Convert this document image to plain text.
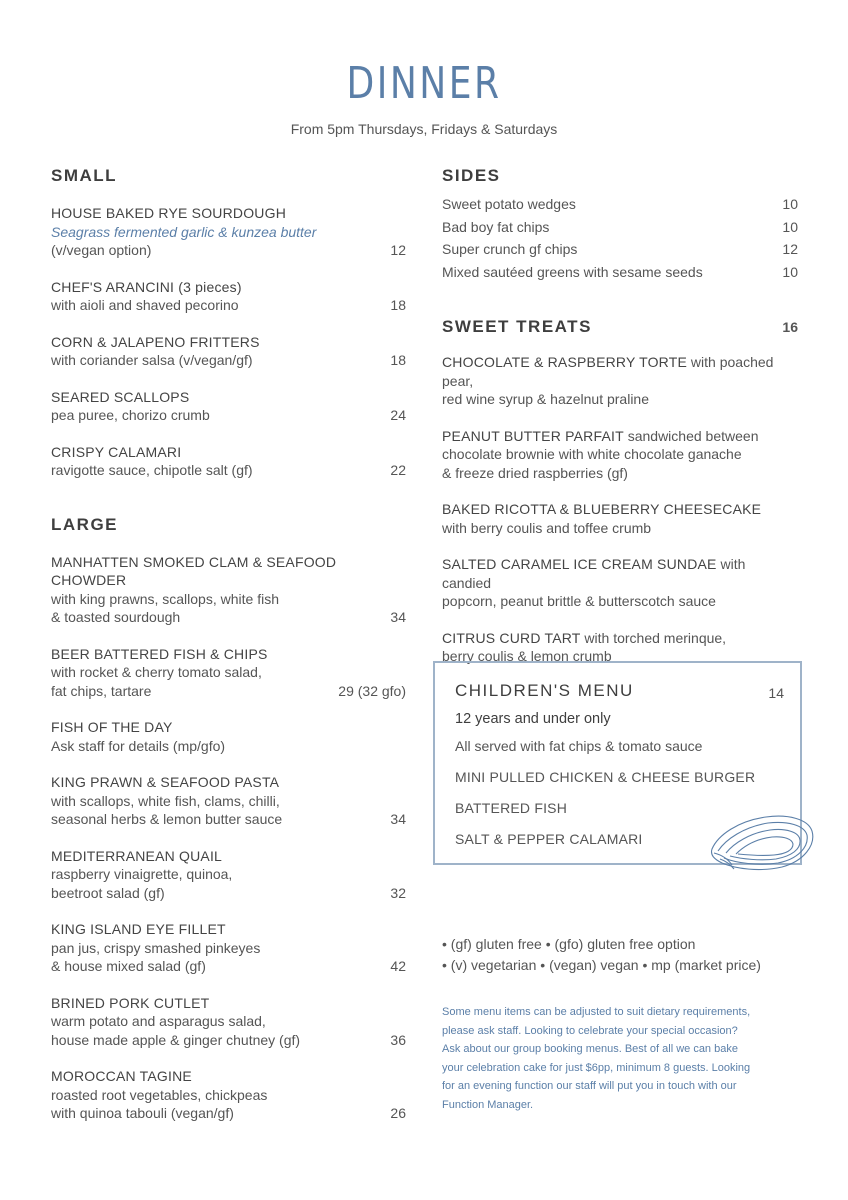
DINNER
From 5pm Thursdays, Fridays & Saturdays
SMALL
HOUSE BAKED RYE SOURDOUGH
Seagrass fermented garlic & kunzea butter
(v/vegan option)	12
CHEF'S ARANCINI (3 pieces)
with aioli and shaved pecorino	18
CORN & JALAPENO FRITTERS
with coriander salsa (v/vegan/gf)	18
SEARED SCALLOPS
pea puree, chorizo crumb	24
CRISPY CALAMARI
ravigotte sauce, chipotle salt (gf)	22
LARGE
MANHATTEN SMOKED CLAM & SEAFOOD CHOWDER
with king prawns, scallops, white fish
& toasted sourdough	34
BEER BATTERED FISH & CHIPS
with rocket & cherry tomato salad,
fat chips, tartare	29 (32 gfo)
FISH OF THE DAY
Ask staff for details (mp/gfo)
KING PRAWN & SEAFOOD PASTA
with scallops, white fish, clams, chilli,
seasonal herbs & lemon butter sauce	34
MEDITERRANEAN QUAIL
raspberry vinaigrette, quinoa,
beetroot salad (gf)	32
KING ISLAND EYE FILLET
pan jus, crispy smashed pinkeyes
& house mixed salad (gf)	42
BRINED PORK CUTLET
warm potato and asparagus salad,
house made apple & ginger chutney (gf)	36
MOROCCAN TAGINE
roasted root vegetables, chickpeas
with quinoa tabouli (vegan/gf)	26
SIDES
Sweet potato wedges	10
Bad boy fat chips	10
Super crunch gf chips	12
Mixed sautéed greens with sesame seeds	10
SWEET TREATS	16
CHOCOLATE & RASPBERRY TORTE with poached pear,
red wine syrup & hazelnut praline
PEANUT BUTTER PARFAIT sandwiched between
chocolate brownie with white chocolate ganache
& freeze dried raspberries (gf)
BAKED RICOTTA & BLUEBERRY CHEESECAKE
with berry coulis and toffee crumb
SALTED CARAMEL ICE CREAM SUNDAE with candied
popcorn, peanut brittle & butterscotch sauce
CITRUS CURD TART with torched merinque,
berry coulis & lemon crumb
CHILDREN'S MENU	14
12 years and under only
All served with fat chips & tomato sauce
MINI PULLED CHICKEN & CHEESE BURGER
BATTERED FISH
SALT & PEPPER CALAMARI
• (gf) gluten free • (gfo) gluten free option
• (v) vegetarian • (vegan) vegan • mp (market price)
Some menu items can be adjusted to suit dietary requirements,
please ask staff. Looking to celebrate your special occasion?
Ask about our group booking menus. Best of all we can bake
your celebration cake for just $6pp, minimum 8 guests. Looking
for an evening function our staff will put you in touch with our
Function Manager.
